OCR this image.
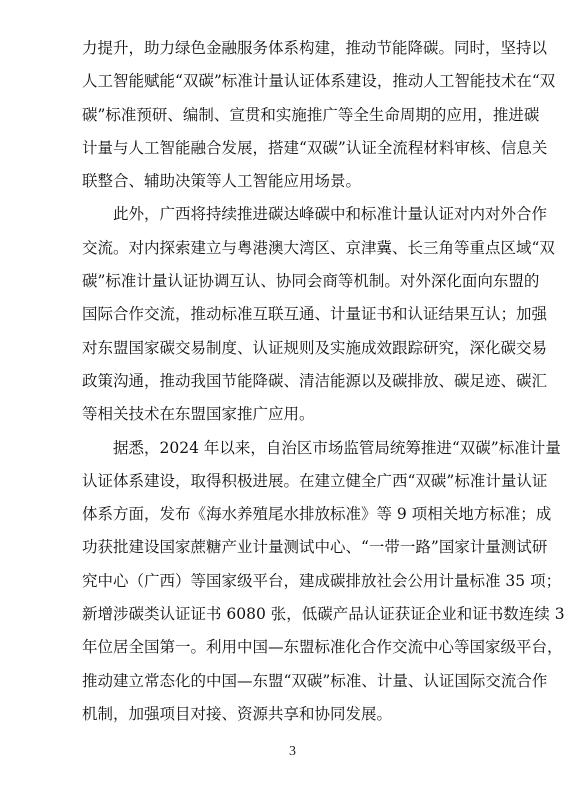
力提升，助力绿色金融服务体系构建，推动节能降碳。同时，坚持以
人工智能赋能“双碳”标准计量认证体系建设，推动人工智能技术在“双
碳”标准预研、编制、宣贯和实施推广等全生命周期的应用，推进碳
计量与人工智能融合发展，搭建“双碳”认证全流程材料审核、信息关
联整合、辅助决策等人工智能应用场景。

　　此外，广西将持续推进碳达峰碳中和标准计量认证对内对外合作
交流。对内探索建立与粤港澳大湾区、京津冀、长三角等重点区域“双
碳”标准计量认证协调互认、协同会商等机制。对外深化面向东盟的
国际合作交流，推动标准互联互通、计量证书和认证结果互认；加强
对东盟国家碳交易制度、认证规则及实施成效跟踪研究，深化碳交易
政策沟通，推动我国节能降碳、清洁能源以及碳排放、碳足迹、碳汇
等相关技术在东盟国家推广应用。

　　据悉，2024 年以来，自治区市场监管局统筹推进“双碳”标准计量
认证体系建设，取得积极进展。在建立健全广西“双碳”标准计量认证
体系方面，发布《海水养殖尾水排放标准》等 9 项相关地方标准；成
功获批建设国家蔗糖产业计量测试中心、“一带一路”国家计量测试研
究中心（广西）等国家级平台，建成碳排放社会公用计量标准 35 项；
新增涉碳类认证证书 6080 张，低碳产品认证获证企业和证书数连续 3
年位居全国第一。利用中国—东盟标准化合作交流中心等国家级平台，
推动建立常态化的中国—东盟“双碳”标准、计量、认证国际交流合作
机制，加强项目对接、资源共享和协同发展。

3
